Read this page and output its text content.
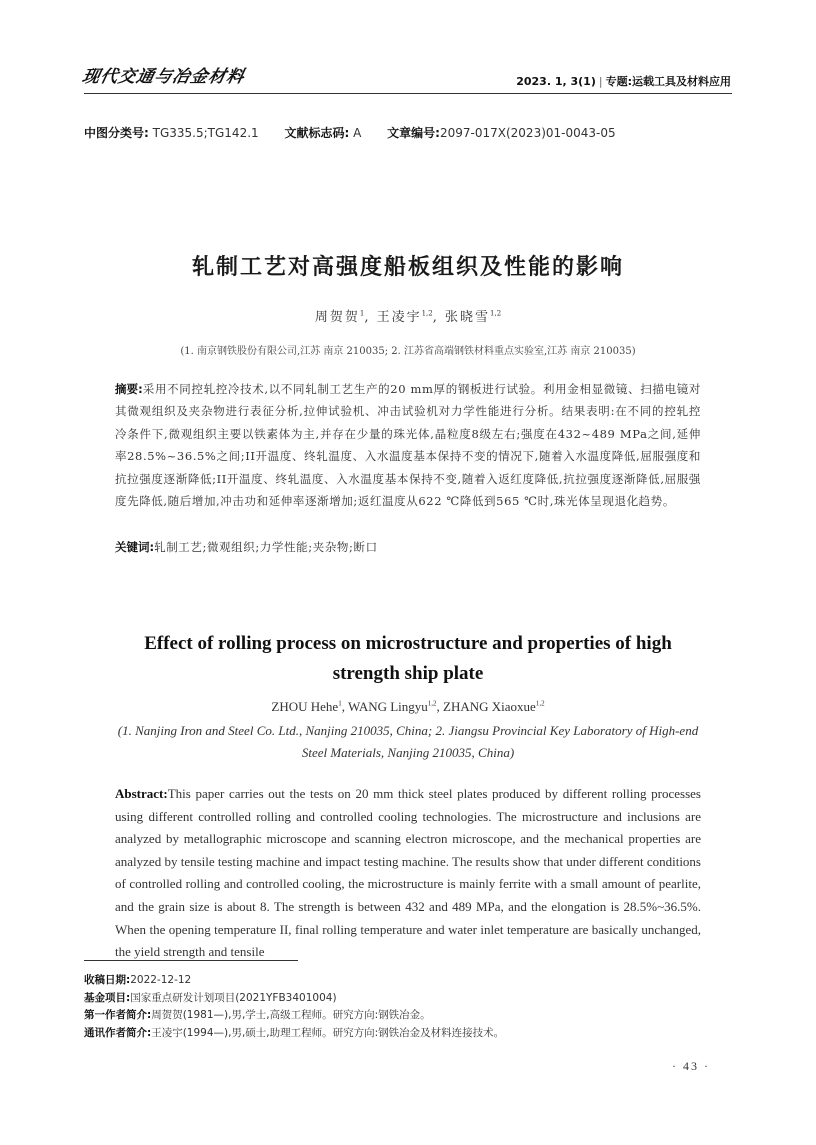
现代交通与冶金材料	2023. 1, 3(1) | 专题:运载工具及材料应用
中图分类号: TG335.5;TG142.1 文献标志码: A 文章编号:2097-017X(2023)01-0043-05
轧制工艺对高强度船板组织及性能的影响
周贺贺$^1$, 王凌宇$^{1,2}$, 张晓雪$^{1,2}$
(1. 南京钢铁股份有限公司,江苏 南京 210035; 2. 江苏省高端钢铁材料重点实验室,江苏 南京 210035)
摘要:采用不同控轧控冷技术,以不同轧制工艺生产的20 mm厚的钢板进行试验。利用金相显微镜、扫描电镜对其微观组织及夹杂物进行表征分析,拉伸试验机、冲击试验机对力学性能进行分析。结果表明:在不同的控轧控冷条件下,微观组织主要以铁素体为主,并存在少量的珠光体,晶粒度8级左右;强度在432~489 MPa之间,延伸率28.5%~36.5%之间;II开温度、终轧温度、入水温度基本保持不变的情况下,随着入水温度降低,屈服强度和抗拉强度逐渐降低;II开温度、终轧温度、入水温度基本保持不变,随着入返红度降低,抗拉强度逐渐降低,屈服强度先降低,随后增加,冲击功和延伸率逐渐增加;返红温度从622 ℃降低到565 ℃时,珠光体呈现退化趋势。
关键词:轧制工艺;微观组织;力学性能;夹杂物;断口
Effect of rolling process on microstructure and properties of high strength ship plate
ZHOU Hehe$^1$, WANG Lingyu$^{1,2}$, ZHANG Xiaoxue$^{1,2}$
(1. Nanjing Iron and Steel Co. Ltd., Nanjing 210035, China; 2. Jiangsu Provincial Key Laboratory of High-end Steel Materials, Nanjing 210035, China)
Abstract:This paper carries out the tests on 20 mm thick steel plates produced by different rolling processes using different controlled rolling and controlled cooling technologies. The microstructure and inclusions are analyzed by metallographic microscope and scanning electron microscope, and the mechanical properties are analyzed by tensile testing machine and impact testing machine. The results show that under different conditions of controlled rolling and controlled cooling, the microstructure is mainly ferrite with a small amount of pearlite, and the grain size is about 8. The strength is between 432 and 489 MPa, and the elongation is 28.5%~36.5%. When the opening temperature II, final rolling temperature and water inlet temperature are basically unchanged, the yield strength and tensile
收稿日期:2022-12-12
基金项目:国家重点研发计划项目(2021YFB3401004)
第一作者简介:周贺贺(1981—),男,学士,高级工程师。研究方向:钢铁冶金。
通讯作者简介:王凌宇(1994—),男,硕士,助理工程师。研究方向:钢铁冶金及材料连接技术。
· 43 ·
